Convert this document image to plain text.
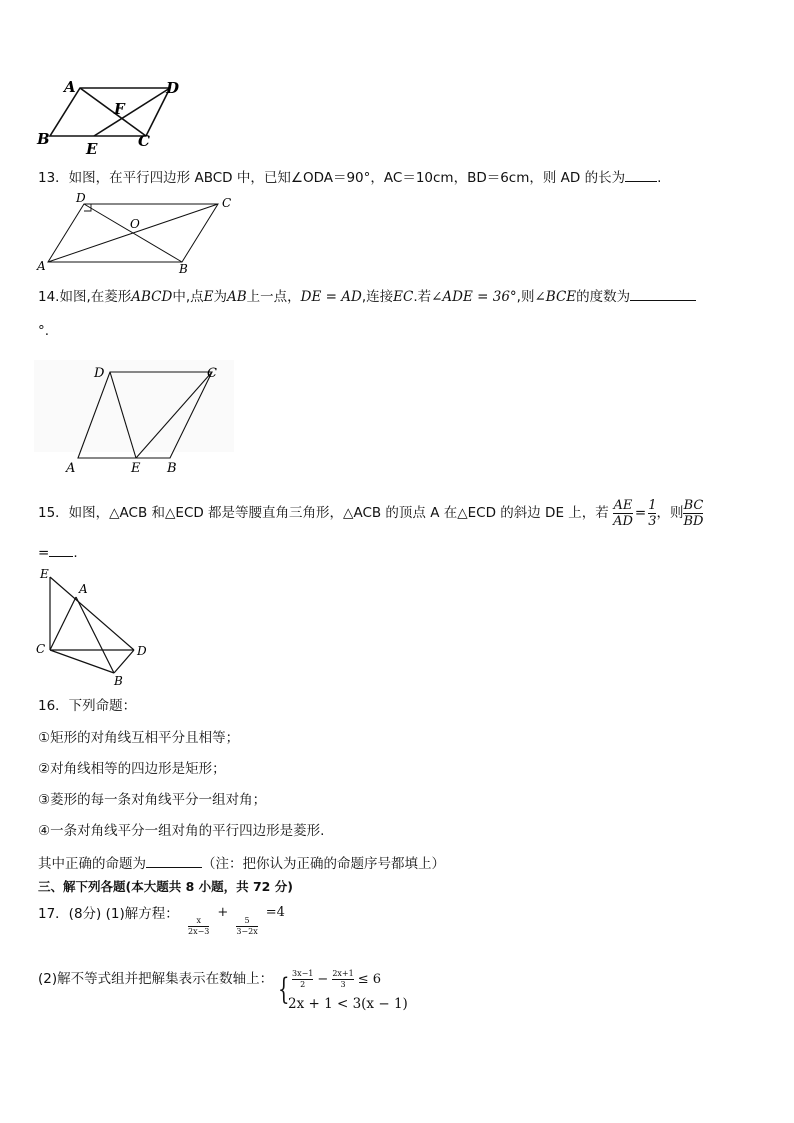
A	D
F
B	C
E
13．如图，在平行四边形 ABCD 中，已知∠ODA＝90°，AC＝10cm，BD＝6cm，则 AD 的长为 .
D	C
O
A	B
14.如图,在菱形ABCD中,点E为AB上一点，DE = AD,连接EC.若∠ADE = 36°,则∠BCE的度数为
°.
D	C
A	E B
15．如图，△ACB 和△ECD 都是等腰直角三角形，△ACB 的顶点 A 在△ECD 的斜边 DE 上，若 $\frac{AE}{AD} = \frac{1}{3}$ ，则 $\frac{BC}{BD}$
= .
E
A
C	D
B
16．下列命题：
①矩形的对角线互相平分且相等；
②对角线相等的四边形是矩形；
③菱形的每一条对角线平分一组对角；
④一条对角线平分一组对角的平行四边形是菱形.
其中正确的命题为	（注：把你认为正确的命题序号都填上）
三、解下列各题(本大题共 8 小题，共 72 分)
17．(8分) (1)解方程： x
2x−3
+
5
3−2x
=4
(2)解不等式组并把解集表示在数轴上： { 3x−1
2 − 2x+1
3 ≤ 6
2x + 1 < 3(x − 1)
